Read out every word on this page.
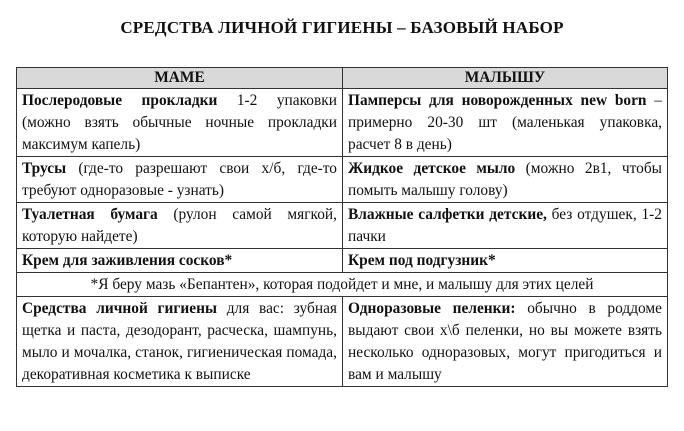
СРЕДСТВА ЛИЧНОЙ ГИГИЕНЫ – БАЗОВЫЙ НАБОР
МАМЕ	МАЛЫШУ
Послеродовые прокладки 1-2 упаковки (можно взять обычные ночные прокладки максимум капель)	Памперсы для новорожденных new born – примерно 20-30 шт (маленькая упаковка, расчет 8 в день)
Трусы (где-то разрешают свои х/б, где-то требуют одноразовые - узнать)	Жидкое детское мыло (можно 2в1, чтобы помыть малышу голову)
Туалетная бумага (рулон самой мягкой, которую найдете)	Влажные салфетки детские, без отдушек, 1-2 пачки
Крем для заживления сосков*	Крем под подгузник*
*Я беру мазь «Бепантен», которая подойдет и мне, и малышу для этих целей	
Средства личной гигиены для вас: зубная щетка и паста, дезодорант, расческа, шампунь, мыло и мочалка, станок, гигиеническая помада, декоративная косметика к выписке	Одноразовые пеленки: обычно в роддоме выдают свои х\б пеленки, но вы можете взять несколько одноразовых, могут пригодиться и вам и малышу
